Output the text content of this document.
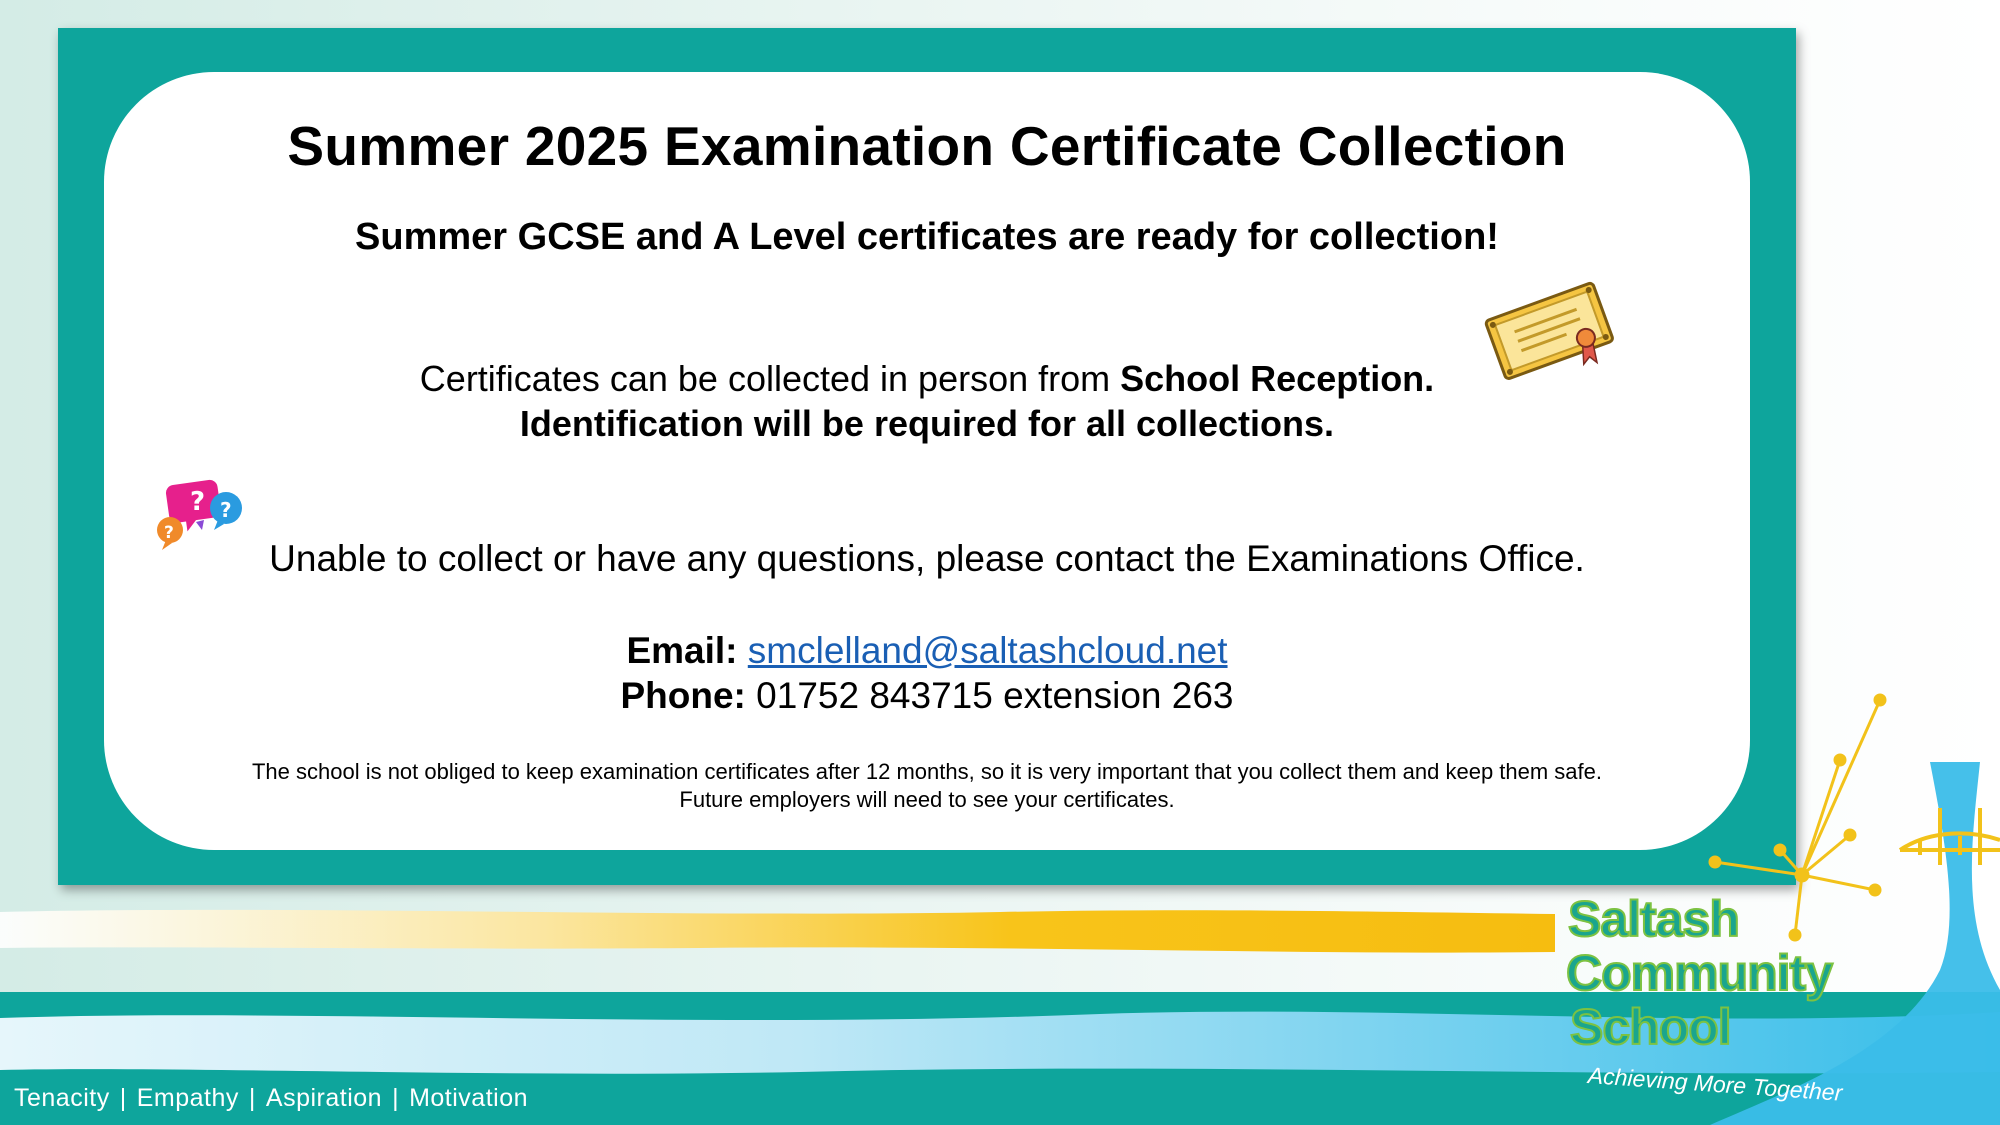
Summer 2025 Examination Certificate Collection
Summer GCSE and A Level certificates are ready for collection!
Certificates can be collected in person from School Reception.
Identification will be required for all collections.
Unable to collect or have any questions, please contact the Examinations Office.
Email: smclelland@saltashcloud.net
Phone: 01752 843715 extension 263
The school is not obliged to keep examination certificates after 12 months, so it is very important that you collect them and keep them safe.
Future employers will need to see your certificates.
? ?
?
Tenacity | Empathy | Aspiration | Motivation
Saltash
Community
School
Achieving More Together
